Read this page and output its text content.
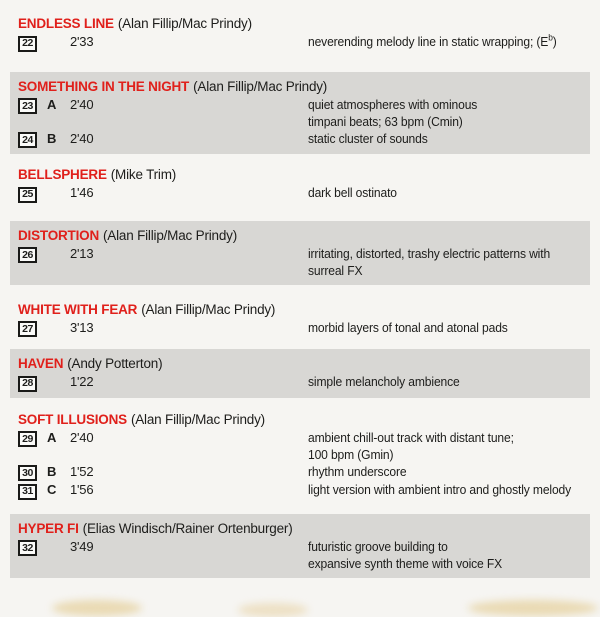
ENDLESS LINE (Alan Fillip/Mac Prindy)
22	2'33	neverending melody line in static wrapping; $(E^b)$
SOMETHING IN THE NIGHT (Alan Fillip/Mac Prindy)
23	A	2'40	quiet atmospheres with ominous
timpani beats; 63 bpm (Cmin)
24	B	2'40	static cluster of sounds
BELLSPHERE (Mike Trim)
25	1'46	dark bell ostinato
DISTORTION (Alan Fillip/Mac Prindy)
26	2'13	irritating, distorted, trashy electric patterns with
surreal FX
WHITE WITH FEAR (Alan Fillip/Mac Prindy)
27	3'13	morbid layers of tonal and atonal pads
HAVEN (Andy Potterton)
28	1'22	simple melancholy ambience
SOFT ILLUSIONS (Alan Fillip/Mac Prindy)
29	A	2'40	ambient chill-out track with distant tune;
100 bpm (Gmin)
30	B	1'52	rhythm underscore
31	C	1'56	light version with ambient intro and ghostly melody
HYPER FI (Elias Windisch/Rainer Ortenburger)
32	3'49	futuristic groove building to
expansive synth theme with voice FX
